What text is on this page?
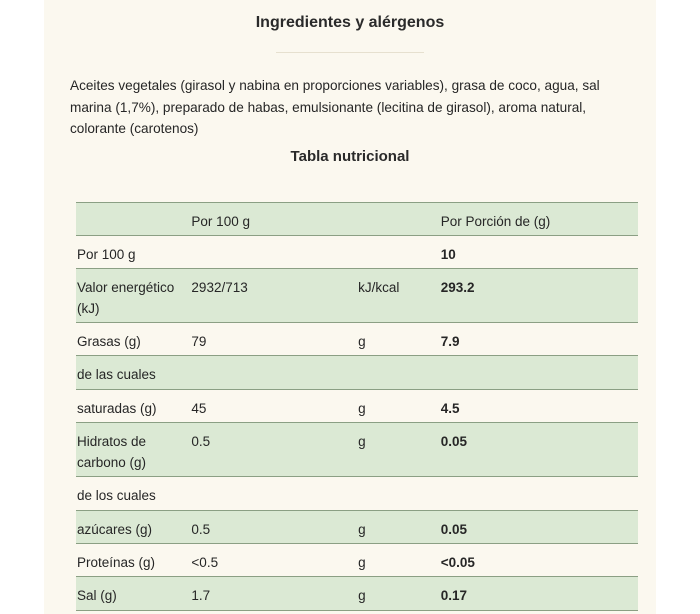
Ingredientes y alérgenos
Aceites vegetales (girasol y nabina en proporciones variables), grasa de coco, agua, sal marina (1,7%), preparado de habas, emulsionante (lecitina de girasol), aroma natural, colorante (carotenos)
Tabla nutricional

	Por 100 g		Por Porción de (g)

Por 100 g			10

Valor energético (kJ)	2932/713	kJ/kcal	293.2

Grasas (g)	79	g	7.9

de las cuales			

saturadas (g)	45	g	4.5

Hidratos de carbono (g)	0.5	g	0.05

de los cuales			

azúcares (g)	0.5	g	0.05

Proteínas (g)	<0.5	g	<0.05

Sal (g)	1.7	g	0.17
